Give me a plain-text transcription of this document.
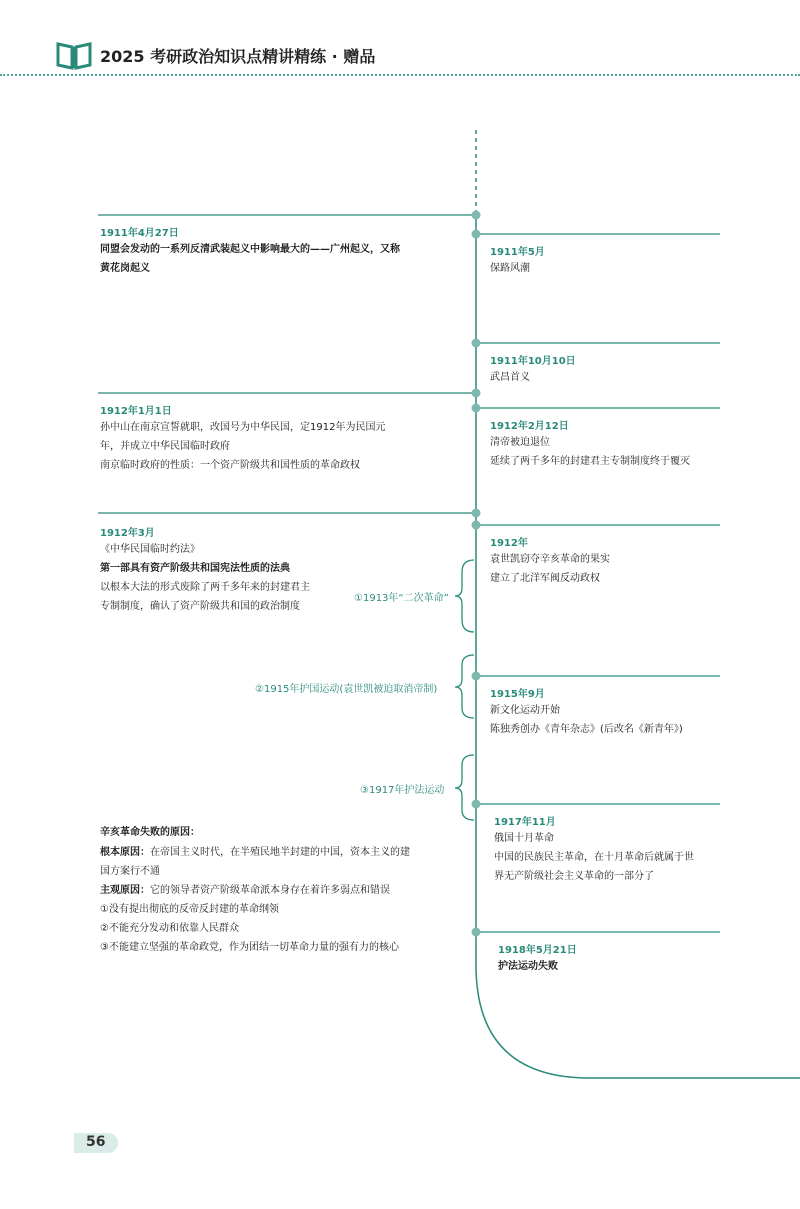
2025 考研政治知识点精讲精练 · 赠品
1911年4月27日
同盟会发动的一系列反清武装起义中影响最大的——广州起义，又称
黄花岗起义
1912年1月1日
孙中山在南京宣誓就职，改国号为中华民国，定1912年为民国元
年，并成立中华民国临时政府
南京临时政府的性质：一个资产阶级共和国性质的革命政权
1912年3月
《中华民国临时约法》
第一部具有资产阶级共和国宪法性质的法典
以根本大法的形式废除了两千多年来的封建君主
专制制度，确认了资产阶级共和国的政治制度
1911年5月
保路风潮
1911年10月10日
武昌首义
1912年2月12日
清帝被迫退位
延续了两千多年的封建君主专制制度终于覆灭
1912年
袁世凯窃夺辛亥革命的果实
建立了北洋军阀反动政权
1915年9月
新文化运动开始
陈独秀创办《青年杂志》(后改名《新青年》)
1917年11月
俄国十月革命
中国的民族民主革命，在十月革命后就属于世
界无产阶级社会主义革命的一部分了
1918年5月21日
护法运动失败
①1913年“二次革命”
②1915年护国运动(袁世凯被迫取消帝制)
③1917年护法运动
辛亥革命失败的原因：
根本原因：在帝国主义时代，在半殖民地半封建的中国，资本主义的建
国方案行不通
主观原因：它的领导者资产阶级革命派本身存在着许多弱点和错误
①没有提出彻底的反帝反封建的革命纲领
②不能充分发动和依靠人民群众
③不能建立坚强的革命政党，作为团结一切革命力量的强有力的核心
56
